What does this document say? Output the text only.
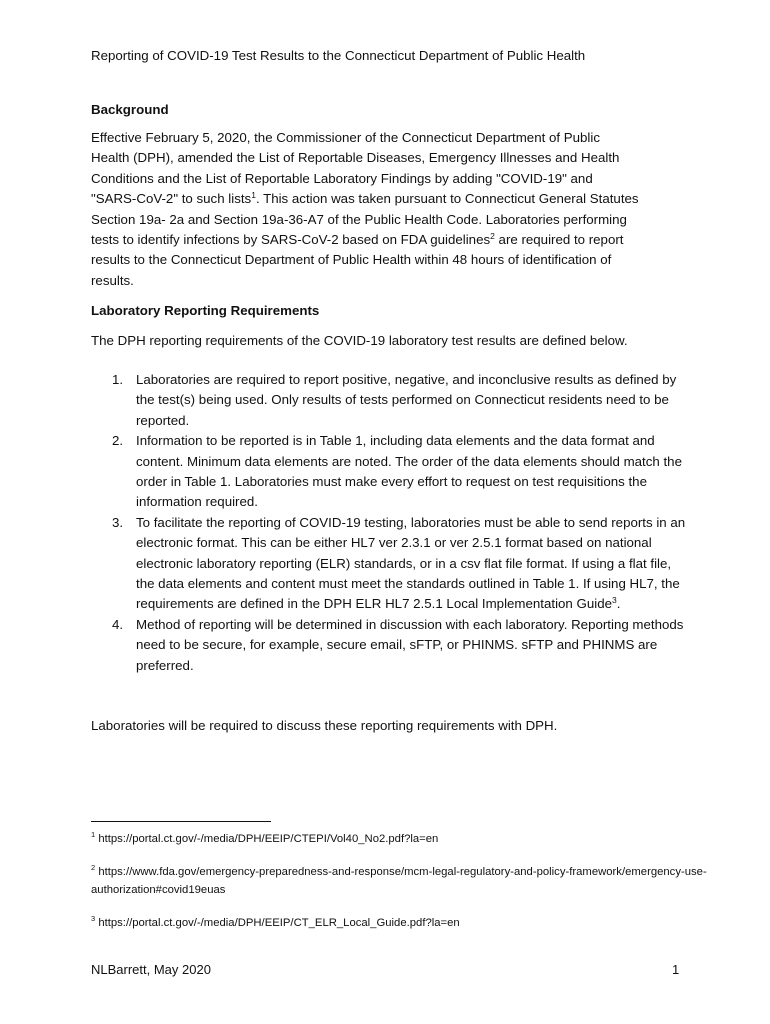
Reporting of COVID-19 Test Results to the Connecticut Department of Public Health
Background

Effective February 5, 2020, the Commissioner of the Connecticut Department of Public Health (DPH), amended the List of Reportable Diseases, Emergency Illnesses and Health Conditions and the List of Reportable Laboratory Findings by adding "COVID-19" and "SARS-CoV-2" to such lists$^1$. This action was taken pursuant to Connecticut General Statutes Section 19a- 2a and Section 19a-36-A7 of the Public Health Code. Laboratories performing tests to identify infections by SARS-CoV-2 based on FDA guidelines$^2$ are required to report results to the Connecticut Department of Public Health within 48 hours of identification of results.

Laboratory Reporting Requirements

The DPH reporting requirements of the COVID-19 laboratory test results are defined below.

1. Laboratories are required to report positive, negative, and inconclusive results as defined by the test(s) being used. Only results of tests performed on Connecticut residents need to be reported.
2. Information to be reported is in Table 1, including data elements and the data format and content. Minimum data elements are noted. The order of the data elements should match the order in Table 1. Laboratories must make every effort to request on test requisitions the information required.
3. To facilitate the reporting of COVID-19 testing, laboratories must be able to send reports in an electronic format. This can be either HL7 ver 2.3.1 or ver 2.5.1 format based on national electronic laboratory reporting (ELR) standards, or in a csv flat file format. If using a flat file, the data elements and content must meet the standards outlined in Table 1. If using HL7, the requirements are defined in the DPH ELR HL7 2.5.1 Local Implementation Guide$^3$.
4. Method of reporting will be determined in discussion with each laboratory. Reporting methods need to be secure, for example, secure email, sFTP, or PHINMS. sFTP and PHINMS are preferred.

Laboratories will be required to discuss these reporting requirements with DPH.

$^1$ https://portal.ct.gov/-/media/DPH/EEIP/CTEPI/Vol40_No2.pdf?la=en
$^2$ https://www.fda.gov/emergency-preparedness-and-response/mcm-legal-regulatory-and-policy-framework/emergency-use-authorization#covid19euas
$^3$ https://portal.ct.gov/-/media/DPH/EEIP/CT_ELR_Local_Guide.pdf?la=en
NLBarrett, May 2020	1
